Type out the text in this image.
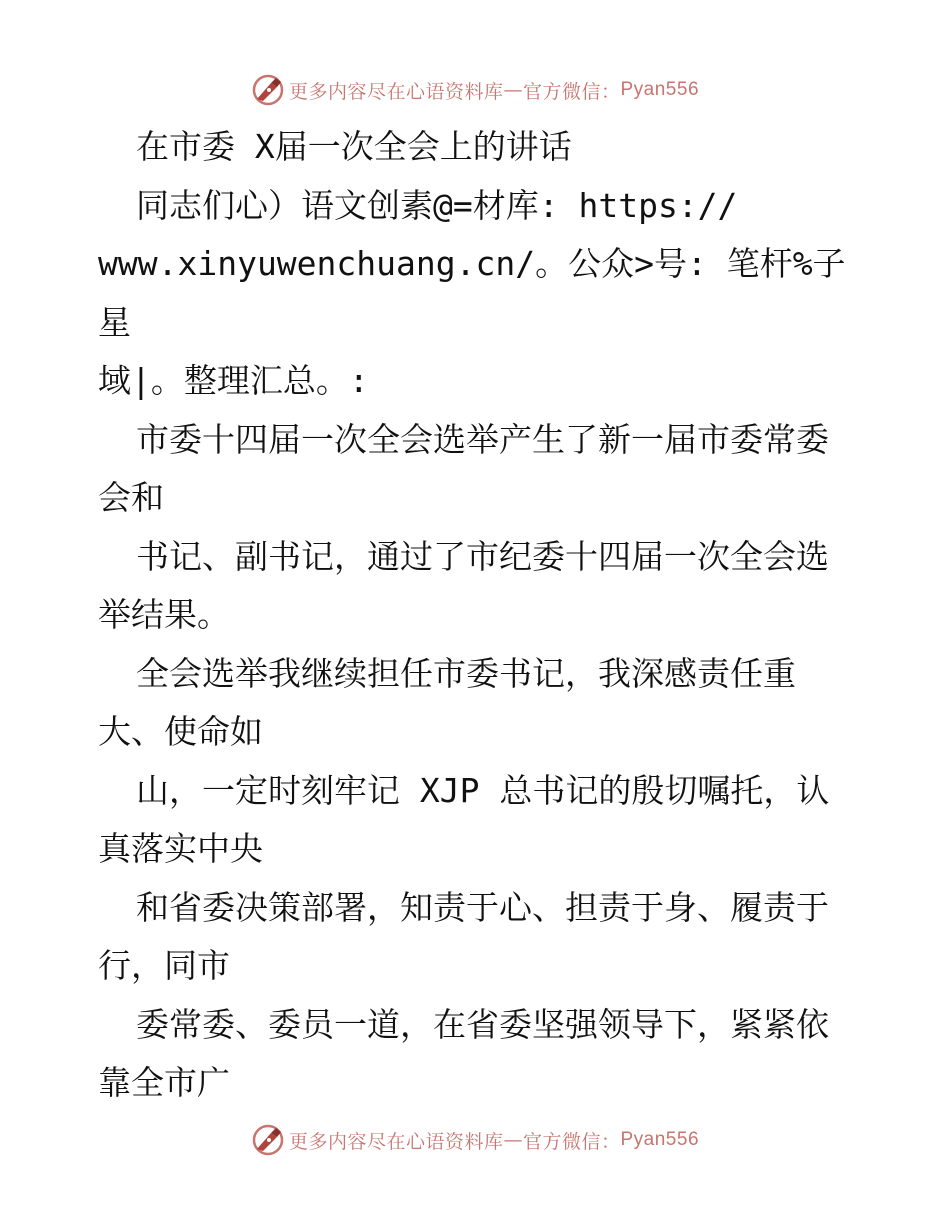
更多内容尽在心语资料库 — 官方微信： Pyan556

在市委 X届一次全会上的讲话

同志们心）语文创素@=材库: https://

www.xinyuwenchuang.cn/。公众>号: 笔杆%子星

域|。整理汇总。:

市委十四届一次全会选举产生了新一届市委常委

会和

书记、副书记，通过了市纪委十四届一次全会选

举结果。

全会选举我继续担任市委书记，我深感责任重

大、使命如

山，一定时刻牢记 XJP 总书记的殷切嘱托，认

真落实中央

和省委决策部署，知责于心、担责于身、履责于

行，同市

委常委、委员一道，在省委坚强领导下，紧紧依

靠全市广

更多内容尽在心语资料库 — 官方微信： Pyan556
